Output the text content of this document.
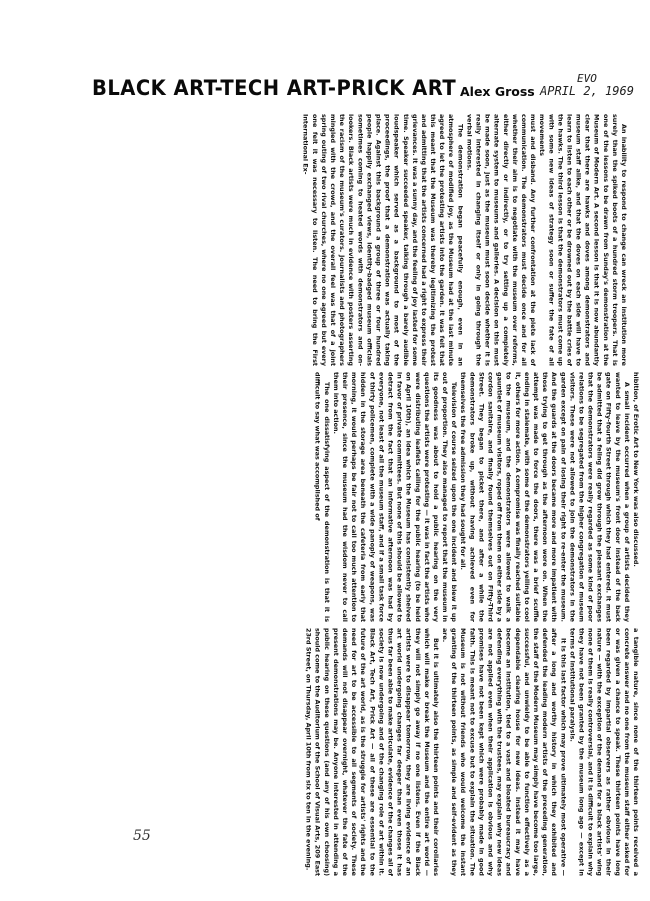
BLACK ART-TECH ART-PRICK ART Alex Gross
EVO
APRIL 2, 1969

An inability to respond to change can wreck an institution more surely than the spiked boots of a hundred storm troopers. That is one of the lessons to be drawn from Sunday's demonstration at the Museum of Modern Art. A second lesson is that it is now abundantly clear that there are hawks and doves among demonstrators and museum staff alike, and that the doves on each side will have to learn to listen to each other or be drowned out by the battle cries of the hawks. The third lesson is that the demonstrators must come up with some new ideas of strategy soon or suffer the fate of all movements

must and disband. Any further confrontation at the plete lack of communication. The demonstrators must decide once and for all whether their aim is to negotiate with the museum over reforms, either directly or indirectly, or to try setting up a completely alternate system to museums and galleries. A decision on this must be made soon, just as the museum must soon decide whether it is really interested in changing itself or only in going through the verbal motions.

The demonstration began peacefully enough, even in an atmosphere of modified joy, as the Museum had at the last minute agreed to let the protesting artists into the garden. It was felt that this meant that the Museum was thereby legitimizing the protest and admitting that the artists concerned had a right to express their grievances. It was a sunny day, and the feeling of joy lasted for some time. Speaker succeeded speaker, talking through a barely audible loudspeaker which served as a background to most of the proceedings, the proof that a demonstration was actually taking place. Against this background a group of three or four hundred people happily exchanged views, identity-badged museum officials sometimes coming to heated words with demonstrators and on-lookers. Black artists were much in evidence with posters asserting the racism of the museum's curators. Journalists and photographers mingled with the crowd, and the overall feel was that of a joint spring outing of two rival churches, where no one agreed but every one felt it was necessary to listen. The need to bring the First International Ex-

hibition, of Erotic Art to New York was also discussed.

A small incident occurred when a group of artists decided they wanted to leave by the museum's front door instead of the back gate on Fifty-fourth Street through which they had entered. It must be admitted that a feling did grow through the pleasant exchanges that the demonstrators were really regarded as some kind of poor relations to be segregated from the higher congregation of museum visitors. These were not allowed to join the demonstrators in the garden except on pain of losing their right to re-enter the museum. And the guards at the doors became more and more impatient with those trying to get through as the afternoon wore on. When the attempt was made to force the doors, there was a brief scuffle ending in stalemate, with some of the demonstrators yelling to cool it, others for more action. A compromise was finally reached suitable to the museum, and the demonstrators were allowed to walk a gauntlet of museum visitors, roped off from them on either side by a cordon sanitaire, and finally found themselves out on Fifty-Third Street. They began to picket there, and after a while the demonstrators broke up, without having achieved even for themselves the free admission they had sought for all.

Television of course seized upon the one incident and blew it up out of proportion. They also managed to report that the museum in its goodness was about to hold a public hearing on the very questions the artists were protesting — it was in fact the artists who were distributing leaflets calling for the public hearing (to be held on April 10th), an idea which the Museum has consistently shelved in favor of private committees. But none of this should be allowed to detract from the fact that an informative afternoon was had by everyone, not least of all the museum staff, and if a small task force of thirty policemen, complete with a wide panoply of weapons, was hidden in the storage area beneath the cafeteria from early that morning, it would perhaps be fair not to call too much attention to their presence, since the museum had the wisdom never to call them into action.

The one dissatisfying aspect of the demonstration is that it is difficult to say what was accomplished of

a tangible nature, since none of the thirteen points received a concrete answer and no one from the museum staff either asked for or was given a chance to speak. These thirteen points have long been regarded by impartial observers as rather obvious in their nature — with the exception of the demand for a black artists' wing none of them is really controversial, and it is difficult to explain why they have not been granted by the museum long ago — except in terms of institutional paralysis.

It is this last factor which may prove ultimately most operative — after a long and worthy history in which they exhibited and defended the leading modern artists of the preceding generation, the staff of the Modern Museum may simply have become too large, successful, and unwieldy to be able to function effectively as a dependable clearing house for new ideas. Instead it may have become an institution, tied to a vast and bloated bureaucracy and defending everything with the trustees, may explain why new ideas are not applied even when their application is obvious and why promises have not been kept which were probably made in good faith. This is meant not to excuse but to explain the situation. The Museum is not without friends who would welcome the instant granting of the thirteen points, as simple and self-evident as they are.

But it is ultimately also the thirteen points and their corollaries which will make or break the Museum and the entire art world — they will not simply go away if no one listens. Even if the Black artists were to disappear tomorrow, they are living evidence of an art world undergoing changes far deeper than even those it has thus far been able to make articulate, evidence of the changes all of society is now undergoing and of the changing role of art within it. Black Art, Tech Art, Prick Art — all of these are essential to the future of the art world, as is the struggle for artists' rights and the need for art to be accessible to all segments of society. These demands will not disappear overnight, whatever the fate of the present demonstrations may be. Anyone interested in attending a public hearing on these questions (and any of his own choosing) should come to the Auditorium of the School of Visual Arts, 209 East 23rd Street, on Thursday, April 10th from six to ten in the evening.

55
